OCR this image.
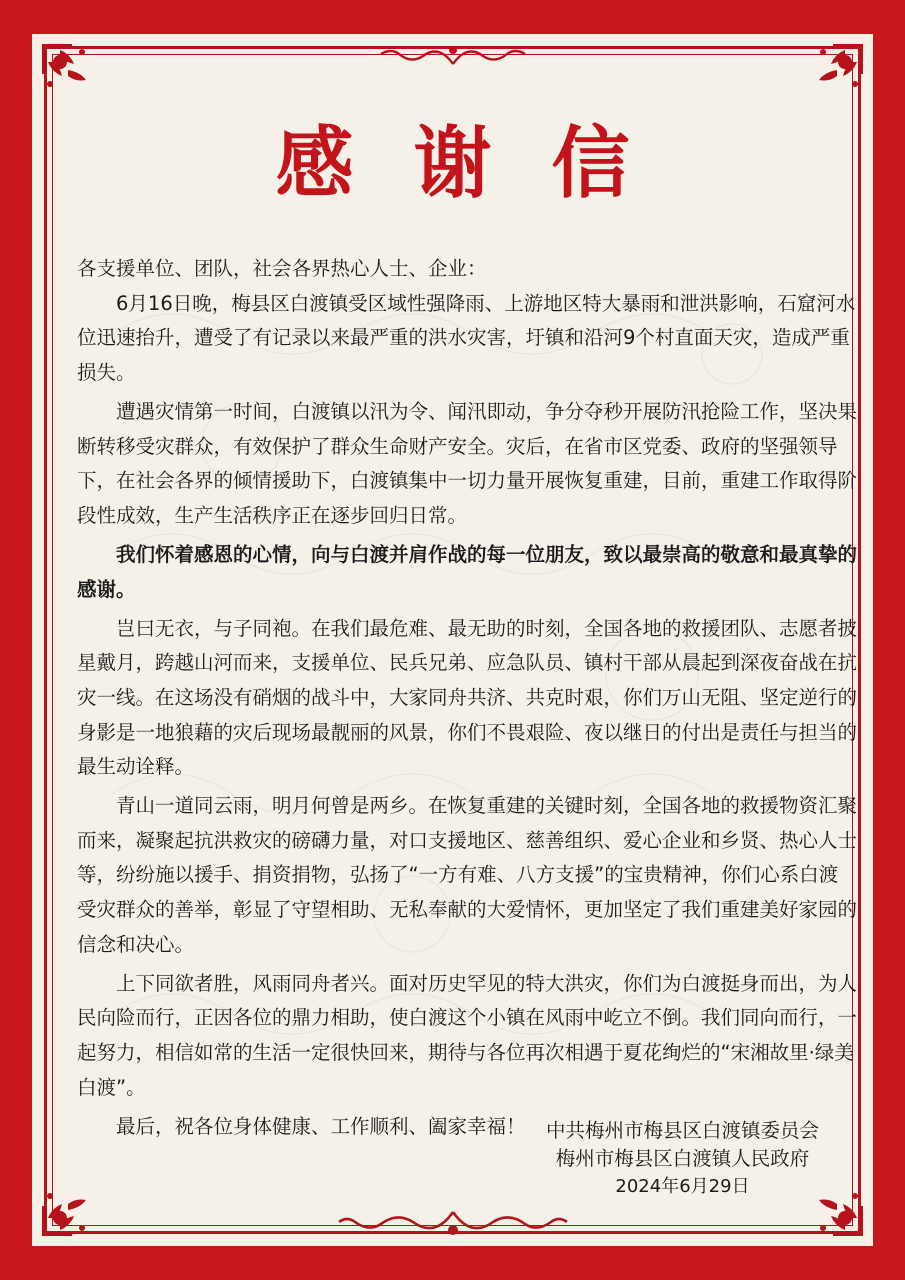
感谢信

各支援单位、团队，社会各界热心人士、企业：

6月16日晚，梅县区白渡镇受区域性强降雨、上游地区特大暴雨和泄洪影响，石窟河水位迅速抬升，遭受了有记录以来最严重的洪水灾害，圩镇和沿河9个村直面天灾，造成严重损失。

遭遇灾情第一时间，白渡镇以汛为令、闻汛即动，争分夺秒开展防汛抢险工作，坚决果断转移受灾群众，有效保护了群众生命财产安全。灾后，在省市区党委、政府的坚强领导下，在社会各界的倾情援助下，白渡镇集中一切力量开展恢复重建，目前，重建工作取得阶段性成效，生产生活秩序正在逐步回归日常。

我们怀着感恩的心情，向与白渡并肩作战的每一位朋友，致以最崇高的敬意和最真挚的感谢。

岂曰无衣，与子同袍。在我们最危难、最无助的时刻，全国各地的救援团队、志愿者披星戴月，跨越山河而来，支援单位、民兵兄弟、应急队员、镇村干部从晨起到深夜奋战在抗灾一线。在这场没有硝烟的战斗中，大家同舟共济、共克时艰，你们万山无阻、坚定逆行的身影是一地狼藉的灾后现场最靓丽的风景，你们不畏艰险、夜以继日的付出是责任与担当的最生动诠释。

青山一道同云雨，明月何曾是两乡。在恢复重建的关键时刻，全国各地的救援物资汇聚而来，凝聚起抗洪救灾的磅礴力量，对口支援地区、慈善组织、爱心企业和乡贤、热心人士等，纷纷施以援手、捐资捐物，弘扬了“一方有难、八方支援”的宝贵精神，你们心系白渡受灾群众的善举，彰显了守望相助、无私奉献的大爱情怀，更加坚定了我们重建美好家园的信念和决心。

上下同欲者胜，风雨同舟者兴。面对历史罕见的特大洪灾，你们为白渡挺身而出，为人民向险而行，正因各位的鼎力相助，使白渡这个小镇在风雨中屹立不倒。我们同向而行，一起努力，相信如常的生活一定很快回来，期待与各位再次相遇于夏花绚烂的“宋湘故里·绿美白渡”。

最后，祝各位身体健康、工作顺利、阖家幸福！	中共梅州市梅县区白渡镇委员会
梅州市梅县区白渡镇人民政府
2024年6月29日
